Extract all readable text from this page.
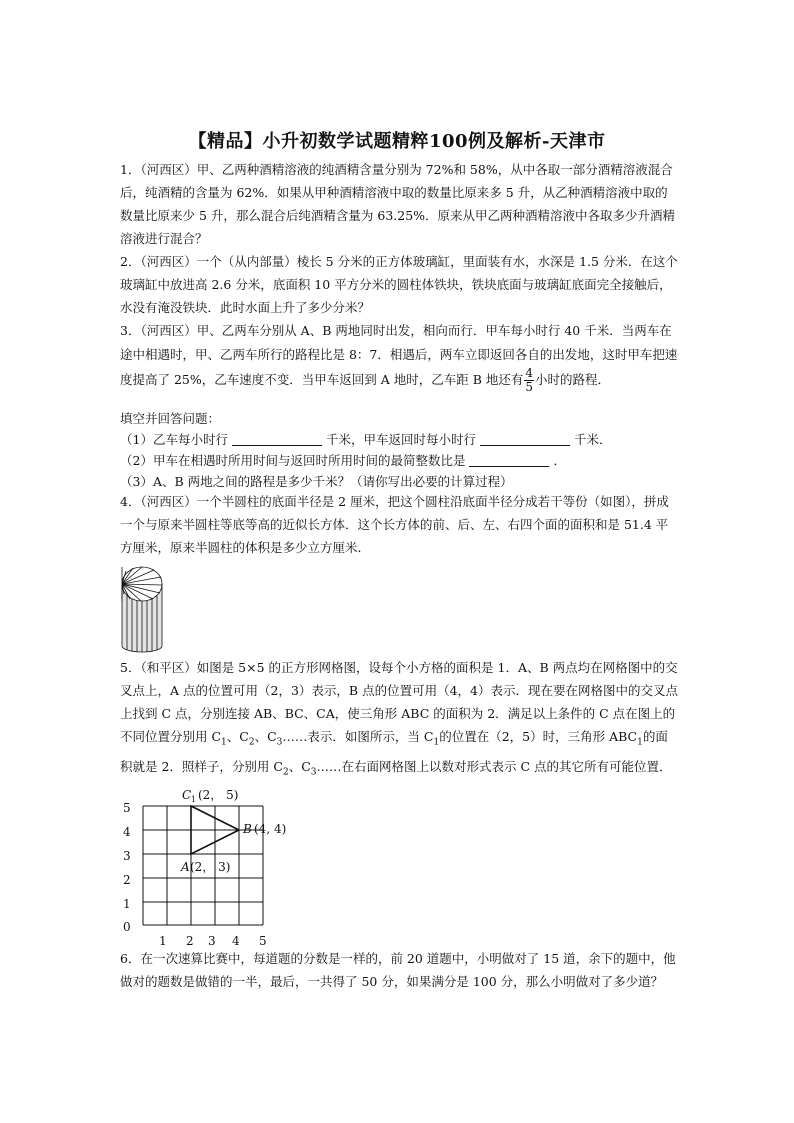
【精品】小升初数学试题精粹100例及解析-天津市

1．（河西区）甲、乙两种酒精溶液的纯酒精含量分别为 72%和 58%，从中各取一部分酒精溶液混合后，纯酒精的含量为 62%．如果从甲种酒精溶液中取的数量比原来多 5 升，从乙种酒精溶液中取的数量比原来少 5 升，那么混合后纯酒精含量为 63.25%．原来从甲乙两种酒精溶液中各取多少升酒精溶液进行混合？

2．（河西区）一个（从内部量）棱长 5 分米的正方体玻璃缸，里面装有水，水深是 1.5 分米．在这个玻璃缸中放进高 2.6 分米，底面积 10 平方分米的圆柱体铁块，铁块底面与玻璃缸底面完全接触后，水没有淹没铁块．此时水面上升了多少分米？

3．（河西区）甲、乙两车分别从 A、B 两地同时出发，相向而行．甲车每小时行 40 千米．当两车在途中相遇时，甲、乙两车所行的路程比是 8：7．相遇后，两车立即返回各自的出发地，这时甲车把速度提高了 25%，乙车速度不变．当甲车返回到 A 地时，乙车距 B 地还有 $\frac{4}{5}$ 小时的路程．

填空并回答问题：

（1）乙车每小时行	千米，甲车返回时每小时行	千米．

（2）甲车在相遇时所用时间与返回时所用时间的最简整数比是	．

（3）A、B 两地之间的路程是多少千米？（请你写出必要的计算过程）

4．（河西区）一个半圆柱的底面半径是 2 厘米，把这个圆柱沿底面半径分成若干等份（如图），拼成一个与原来半圆柱等底等高的近似长方体．这个长方体的前、后、左、右四个面的面积和是 51.4 平方厘米，原来半圆柱的体积是多少立方厘米．

5．（和平区）如图是 5×5 的正方形网格图，设每个小方格的面积是 1．A、B 两点均在网格图中的交叉点上，A 点的位置可用（2，3）表示，B 点的位置可用（4，4）表示．现在要在网格图中的交叉点上找到 C 点，分别连接 AB、BC、CA，使三角形 ABC 的面积为 2．满足以上条件的 C 点在图上的不同位置分别用 $C_1$、$C_2$、$C_3\dots\dots$表示．如图所示，当 $C_1$的位置在（2，5）时，三角形 $ABC_1$的面积就是 2．照样子，分别用 $C_2$、$C_3\dots\dots$在右面网格图上以数对形式表示 C 点的其它所有可能位置．

5
4
3
2
1
0
1 2 3 4 5
C 1 (2， 5)
B (4, 4)
A (2， 3)

6．在一次速算比赛中，每道题的分数是一样的，前 20 道题中，小明做对了 15 道，余下的题中，他做对的题数是做错的一半，最后，一共得了 50 分，如果满分是 100 分，那么小明做对了多少道？
